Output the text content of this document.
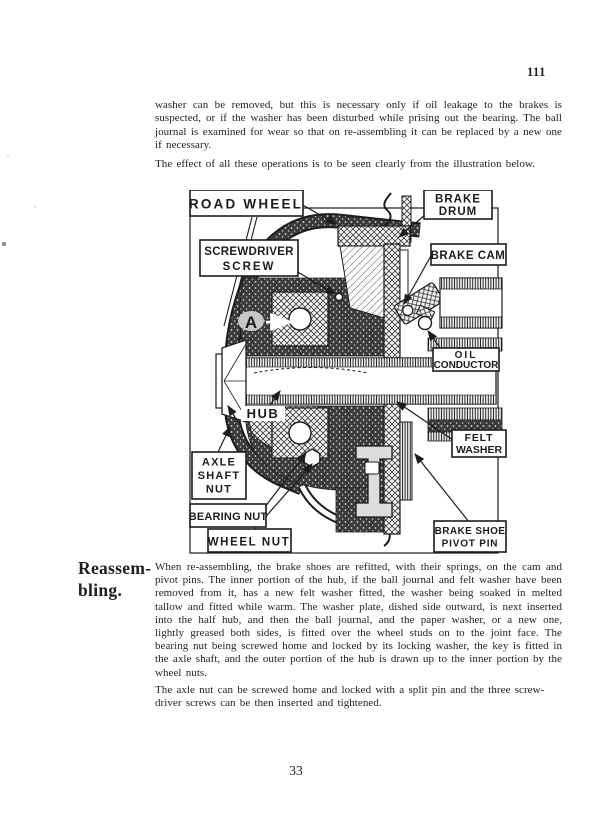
111
washer can be removed, but this is necessary only if oil leakage to the brakes is suspected, or if the washer has been disturbed while prising out the bearing. The ball journal is examined for wear so that on re-assembling it can be replaced by a new one if necessary.
The effect of all these operations is to be seen clearly from the illustration below.
Reassem-
bling.
When re-assembling, the brake shoes are refitted, with their springs, on the cam and pivot pins. The inner portion of the hub, if the ball journal and felt washer have been removed from it, has a new felt washer fitted, the washer being soaked in melted tallow and fitted while warm. The washer plate, dished side outward, is next inserted into the half hub, and then the ball journal, and the paper washer, or a new one, lightly greased both sides, is fitted over the wheel studs on to the joint face. The bearing nut being screwed home and locked by its locking washer, the key is fitted in the axle shaft, and the outer portion of the hub is drawn up to the inner portion by the wheel nuts.
The axle nut can be screwed home and locked with a split pin and the three screw-
driver screws can be then inserted and tightened.
33
A
HUB
ROAD WHEEL	BRAKE
DRUM
SCREWDRIVER
SCREW
BRAKE CAM
OIL
CONDUCTOR
FELT
WASHER
AXLE
SHAFT
NUT
BEARING NUT
WHEEL NUT
BRAKE SHOE
PIVOT PIN
